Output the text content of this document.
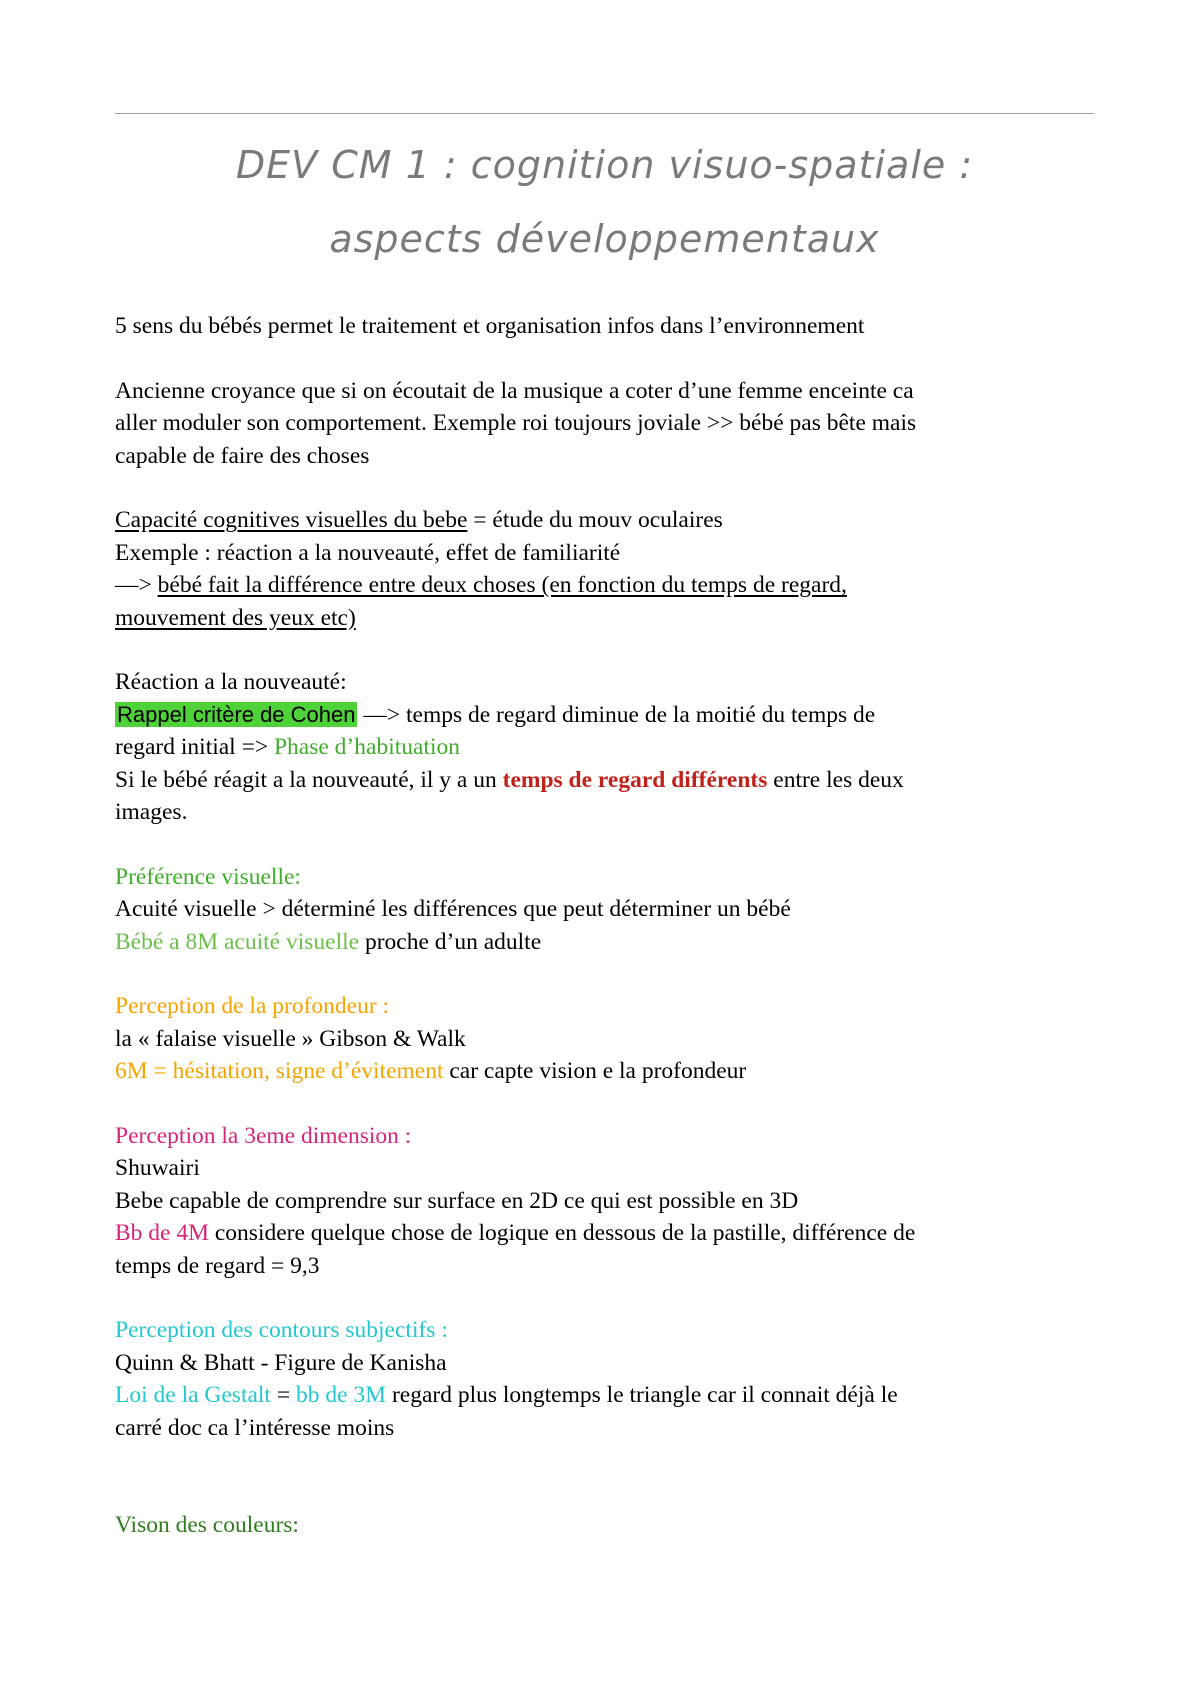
DEV CM 1 : cognition visuo-spatiale :
aspects développementaux

5 sens du bébés permet le traitement et organisation infos dans l’environnement

Ancienne croyance que si on écoutait de la musique a coter d’une femme enceinte ca

aller moduler son comportement. Exemple roi toujours joviale >> bébé pas bête mais

capable de faire des choses

Capacité cognitives visuelles du bebe = étude du mouv oculaires

Exemple : réaction a la nouveauté, effet de familiarité

—> bébé fait la différence entre deux choses (en fonction du temps de regard,

mouvement des yeux etc)

Réaction a la nouveauté:

Rappel critère de Cohen —> temps de regard diminue de la moitié du temps de

regard initial => Phase d’habituation

Si le bébé réagit a la nouveauté, il y a un temps de regard différents entre les deux

images.

Préférence visuelle:

Acuité visuelle > déterminé les différences que peut déterminer un bébé

Bébé a 8M acuité visuelle proche d’un adulte

Perception de la profondeur :

la « falaise visuelle » Gibson & Walk

6M = hésitation, signe d’évitement car capte vision e la profondeur

Perception la 3eme dimension :

Shuwairi

Bebe capable de comprendre sur surface en 2D ce qui est possible en 3D

Bb de 4M considere quelque chose de logique en dessous de la pastille, différence de

temps de regard = 9,3

Perception des contours subjectifs :

Quinn & Bhatt - Figure de Kanisha

Loi de la Gestalt = bb de 3M regard plus longtemps le triangle car il connait déjà le

carré doc ca l’intéresse moins

Vison des couleurs:
